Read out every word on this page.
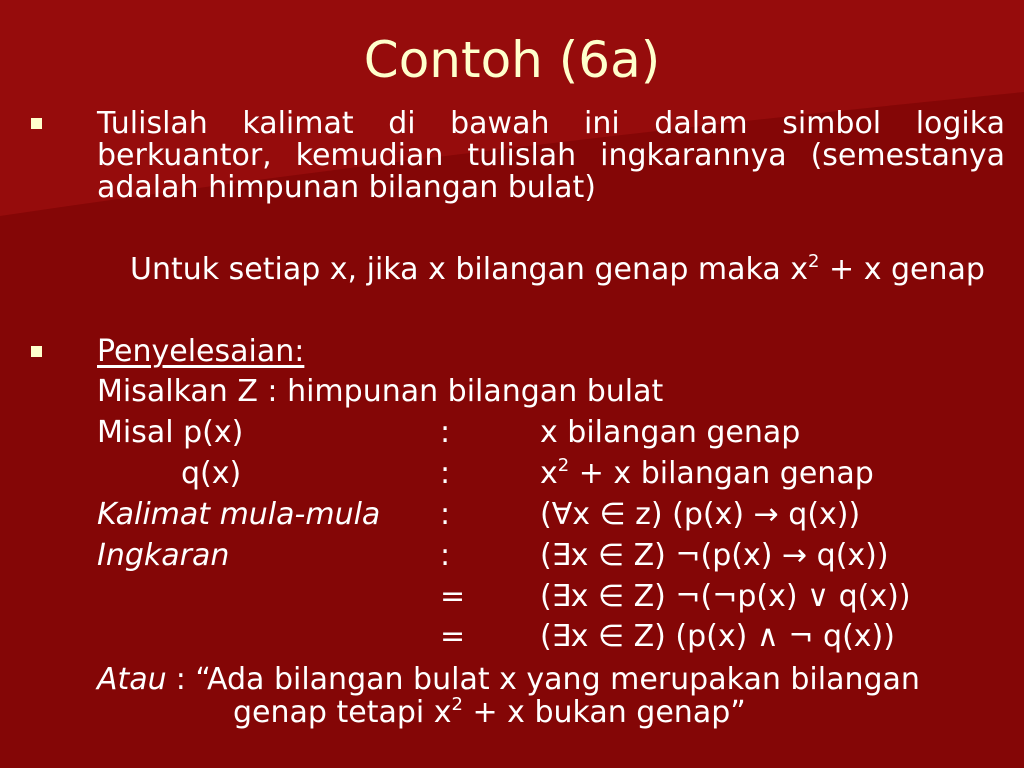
Contoh (6a)
Tulislah kalimat di bawah ini dalam simbol logika
berkuantor, kemudian tulislah ingkarannya (semestanya
adalah himpunan bilangan bulat)
Untuk setiap x, jika x bilangan genap maka $x^2 + x$ genap
Penyelesaian:
Misalkan Z : himpunan bilangan bulat
Misal p(x)	:	x bilangan genap
q(x)	:	$x^2 + x$ bilangan genap
Kalimat mula-mula :	(∀x ∈ z) (p(x) → q(x))
Ingkaran	:	(∃x ∈ Z) ¬(p(x) → q(x))
= (∃x ∈ Z) ¬(¬p(x) ∨ q(x))
= (∃x ∈ Z) (p(x) ∧ ¬ q(x))
Atau : “Ada bilangan bulat x yang merupakan bilangan
genap tetapi $x^2 + x$ bukan genap”
